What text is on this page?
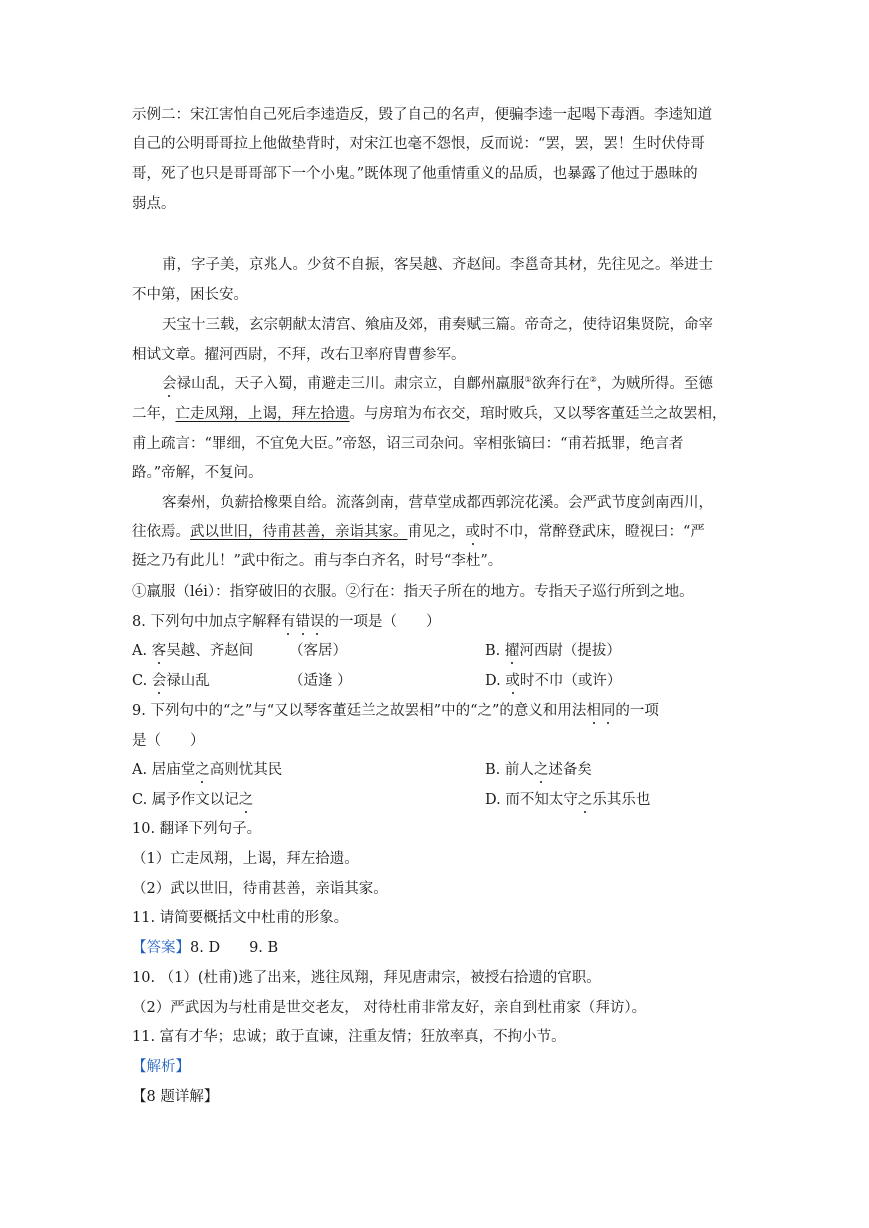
示例二：宋江害怕自己死后李逵造反，毁了自己的名声，便骗李逵一起喝下毒酒。李逵知道
自己的公明哥哥拉上他做垫背时，对宋江也毫不怨恨，反而说：“罢，罢，罢！生时伏侍哥
哥，死了也只是哥哥部下一个小鬼。”既体现了他重情重义的品质，也暴露了他过于愚昧的
弱点。
甫，字子美，京兆人。少贫不自振，客吴越、齐赵间。李邕奇其材，先往见之。举进士
不中第，困长安。
天宝十三载，玄宗朝献太清宫、飨庙及郊，甫奏赋三篇。帝奇之，使待诏集贤院，命宰
相试文章。擢河西尉，不拜，改右卫率府胄曹参军。
会禄山乱，天子入蜀，甫避走三川。肃宗立，自鄜州羸服①欲奔行在②，为贼所得。至德
二年，亡走凤翔，上谒，拜左拾遗。与房琯为布衣交，琯时败兵，又以琴客董廷兰之故罢相，
甫上疏言：“罪细，不宜免大臣。”帝怒，诏三司杂问。宰相张镐曰：“甫若抵罪，绝言者
路。”帝解，不复问。
客秦州，负薪拾橡栗自给。流落剑南，营草堂成都西郭浣花溪。会严武节度剑南西川，
往依焉。武以世旧，待甫甚善，亲诣其家。甫见之，或时不巾，常醉登武床，瞪视曰：“严
挺之乃有此儿！”武中衔之。甫与李白齐名，时号“李杜”。
①羸服（léi）：指穿破旧的衣服。②行在：指天子所在的地方。专指天子巡行所到之地。
8. 下列句中加点字解释有错误的一项是（　　）
A. 客吴越、齐赵间 （客居）	B. 擢河西尉（提拔）
C. 会禄山乱	（适逢 ）	D. 或时不巾（或许）
9. 下列句中的“之”与“又以琴客董廷兰之故罢相”中的“之”的意义和用法相同的一项
是（　　）
A. 居庙堂之高则忧其民	B. 前人之述备矣
C. 属予作文以记之	D. 而不知太守之乐其乐也
10. 翻译下列句子。
（1）亡走凤翔，上谒，拜左拾遗。
（2）武以世旧，待甫甚善，亲诣其家。
11. 请简要概括文中杜甫的形象。
【答案】8. D　　9. B
10. （1）(杜甫)逃了出来，逃往凤翔，拜见唐肃宗，被授右拾遗的官职。
（2）严武因为与杜甫是世交老友， 对待杜甫非常友好，亲自到杜甫家（拜访）。
11. 富有才华；忠诚；敢于直谏，注重友情；狂放率真，不拘小节。
【解析】
【8 题详解】
